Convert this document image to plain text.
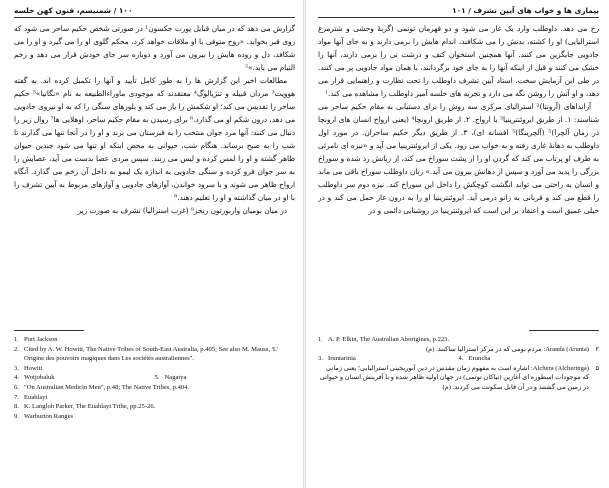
۱۰۰ / شمنیسم، فنون کهن خلسه

گزارش می دهد که در میان قبایل پورت جکسون¹ در صورتی شخص حکیم ساحر می شود که روی قبر بخوابد. «روح متوفی با او ملاقات خواهد کرد، محکم گلوی او را می گیرد و او را می شکافد، دل و روده هایش را بیرون می آورد و دوباره سر جای خودش قرار می دهد و زخم التیام می یابد.»²

مطالعات اخیر این گزارش ها را به طور کامل تأیید و آنها را تکمیل کرده اند. به گفته هوویت³ مردان قبیله و تنژیالوگ⁴ معتقدند که موجودی ماوراءالطبیعه به نام «نگاتیا»⁵ حکیم ساحر را تقدیس می کند؛ او شکمش را باز می کند و بلورهای سنگی را که به او نیروی جادویی می دهد، درون شکم او می گذارد.⁶ برای رسیدن به مقام حکیم ساحر، اوهلایی ها⁷ روال زیر را دنبال می کنند: آنها مرد جوان منتخب را به قبرستان می برند و او را در آنجا تنها می گذارند تا شب را به صبح برساند. هنگام شب، حیوانی به محض اینکه او تنها می شود چندین حیوان ظاهر گشته و او را لمس کرده و لیس می زنند. سپس مردی عصا بدست می آید، عصایش را به سر جوان فرو کرده و سنگی جادویی به اندازه یک لیمو به داخل آن زخم می گذارد. آنگاه ارواح ظاهر می شوند و با سرود خواندن، آوازهای جادویی و آوازهای مربوط به آیین تشرف را با او در میان گذاشته و او را تعلیم دهند.⁸

در میان بومیان واربورتون رنجز⁹ (غرب استرالیا) تشرف به صورت زیر

1. Port Jackson
2. Cited by A. W. Howitt, The Native Tribes of South-East Australia, p.405; See also M. Mauss, 'L' Origine des pouvoirs magiques dans Les sociétés australiennes".
3. Howitt
4. Wotjobaluk	5. Nagatya
6. "On Australian Medicin Men", p.48; The Native Tribes, p.404.
7. Euahlayi
8. K. Langloh Parker, The Euahlayi Tribe, pp.25-26.
9. Warburton Ranges
بیماری ها و خواب های آیین تشرف / ۱۰۱

رخ می دهد. داوطلب وارد یک غار می شود و دو قهرمان توتمی (گربهٔ وحشی و شترمرغ استرالیایی) او را کشته، بدنش را می شکافند، اندام هایش را برمی دارند و به جای آنها مواد جادویی جایگزین می کنند. آنها همچنین استخوان کتف و درشت نی را برمی دارند، آنها را خشک می کنند و قبل از اینکه آنها را به جای خود برگردانند، با همان مواد جادویی پر می کنند. در طی این آزمایش سخت، استاد آیین تشرف داوطلب را تحت نظارت و راهنمایی قرار می دهد، و او آتش را روشن نگه می دارد و تجربه های خلسه آمیز داوطلب را مشاهده می کند.¹

آرانداهای (آرونتا)² استرالیای مرکزی سه روش را برای دستیابی به مقام حکیم ساحر می شناسند: ۱. از طریق ایروئنترینیا³ یا ارواح. ۲. از طریق ارونچا⁴ (یعنی ارواح انسان های ارونچا در زمان آلچرا)⁵ (آلچرینگا)⁵ افسانه ای)، ۳. از طریق دیگر حکیم ساحران. در مورد اول داوطلب به دهانهٔ غاری رفته و به خواب می رود. یکی از ایروئنترینیا می آید و «نیزه ای نامرئی به طرف او پرتاب می کند که گردن او را از پشت سوراخ می کند، از زبانش رد شده و سوراخ بزرگی را پدید می آورد و سپس از دهانش بیرون می آید.» زبان داوطلب سوراخ باقی می ماند و انسان به راحتی می تواند انگشت کوچکش را داخل این سوراخ کند. نیزه دوم سر داوطلب را قطع می کند و قربانی به زانو درمی آید. ایروئنترینیا او را به درون غار حمل می کند و در خیلی عمیق است و اعتقاد بر این است که ایروئنترینیا در روشنایی دائمی و در

1. A. P. Elkin, The Australian Aborigines, p.223.
۲
(Arunta) Aranda: مردم بومی که در مرکز استرالیا ساکنند. (م)
3. Iruntarinia	4. Eruncha
۵
(Alcheringa) Alchera: اشاره است به مفهوم زمان مقدس در دین آبوریجینی استرالیایی؛ یعنی زمانی که موجودات اسطوره ای آغازین (نیاکان توتمی) در جهان اولیه ظاهر شده و با آفرینش انسان و حیوانی در زمین می گشتند و در آن قابل سکونت می کردند. (م)
